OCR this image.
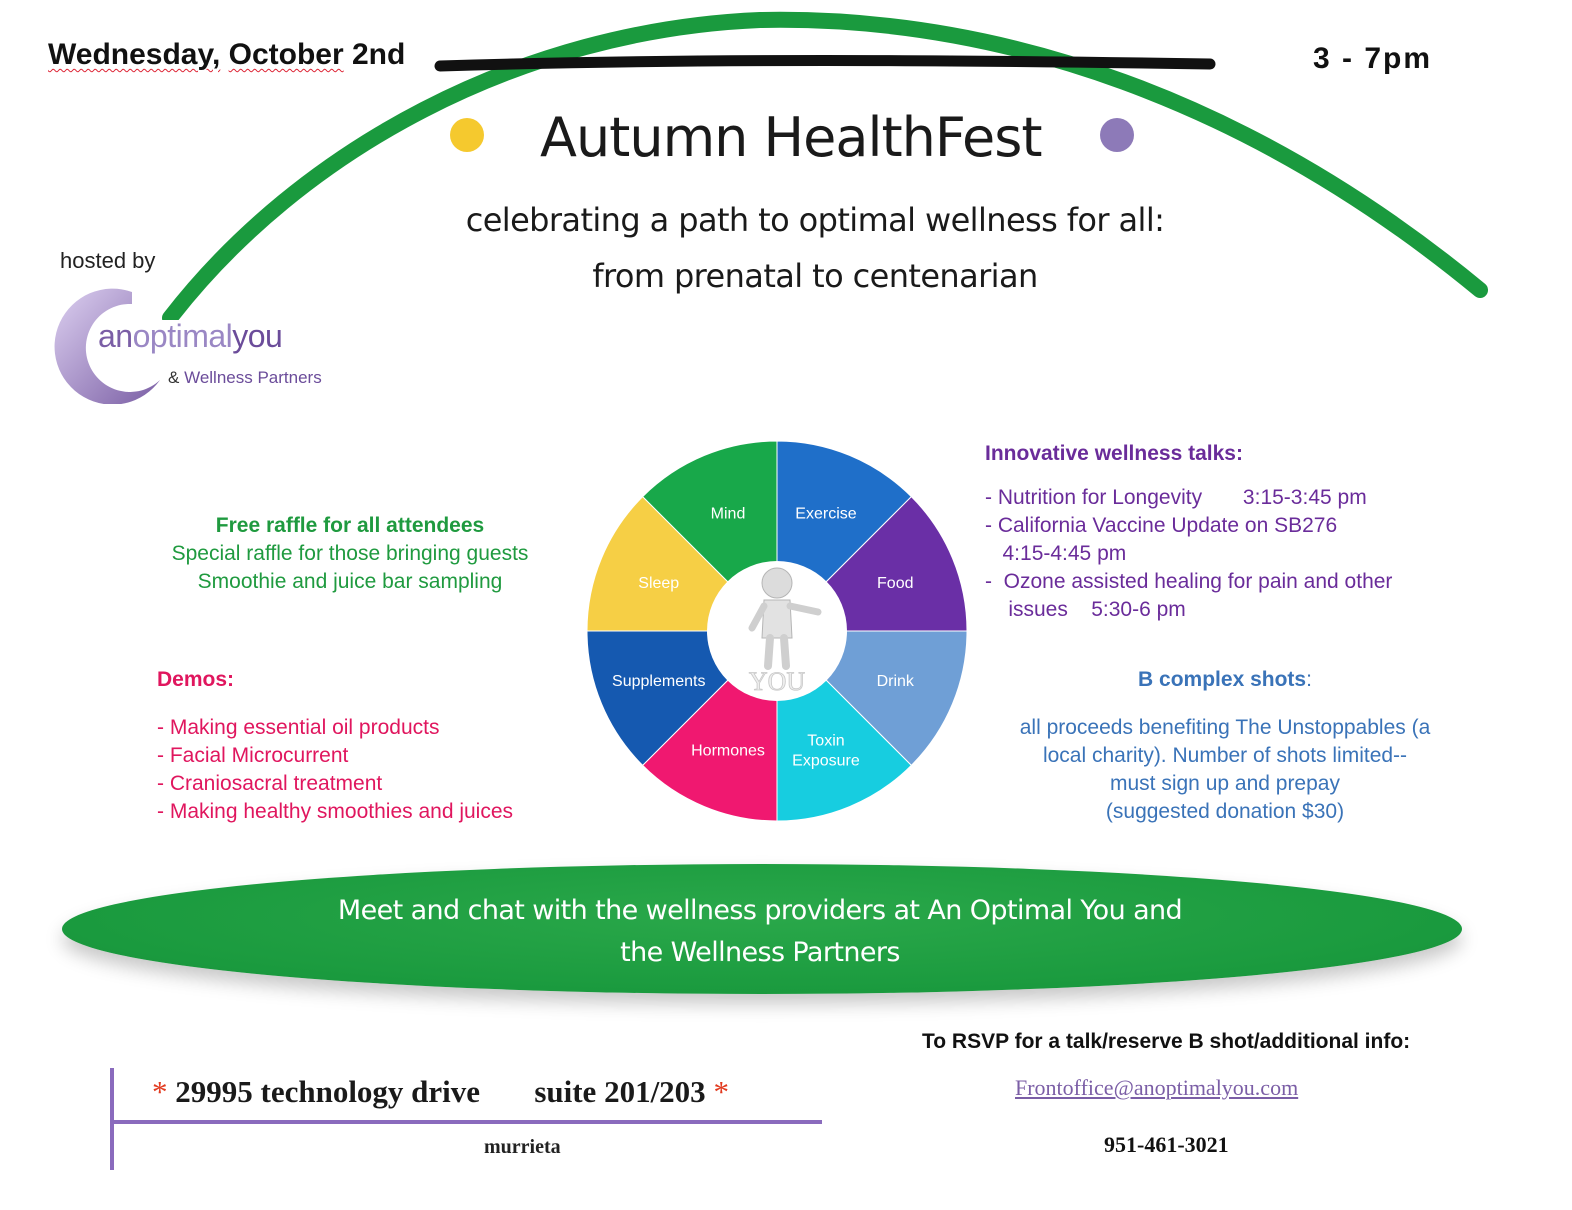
Wednesday, October 2nd	3 - 7pm
Autumn HealthFest
celebrating a path to optimal wellness for all:
from prenatal to centenarian
hosted by
anoptimalyou
& Wellness Partners
Free raffle for all attendees
Special raffle for those bringing guests
Smoothie and juice bar sampling
Demos:
- Making essential oil products
- Facial Microcurrent
- Craniosacral treatment
- Making healthy smoothies and juices
YOU
Exercise
Food
Drink
Toxin Exposure
Hormones
Supplements
Sleep
Mind
Innovative wellness talks:
- Nutrition for Longevity       3:15-3:45 pm
- California Vaccine Update on SB276
4:15-4:45 pm
-  Ozone assisted healing for pain and other
issues    5:30-6 pm
B complex shots:
all proceeds benefiting The Unstoppables (a
local charity). Number of shots limited--
must sign up and prepay
(suggested donation $30)
Meet and chat with the wellness providers at An Optimal You and
the Wellness Partners
To RSVP for a talk/reserve B shot/additional info:
Frontoffice@anoptimalyou.com
951-461-3021
* 29995 technology drive suite 201/203 *
murrieta
